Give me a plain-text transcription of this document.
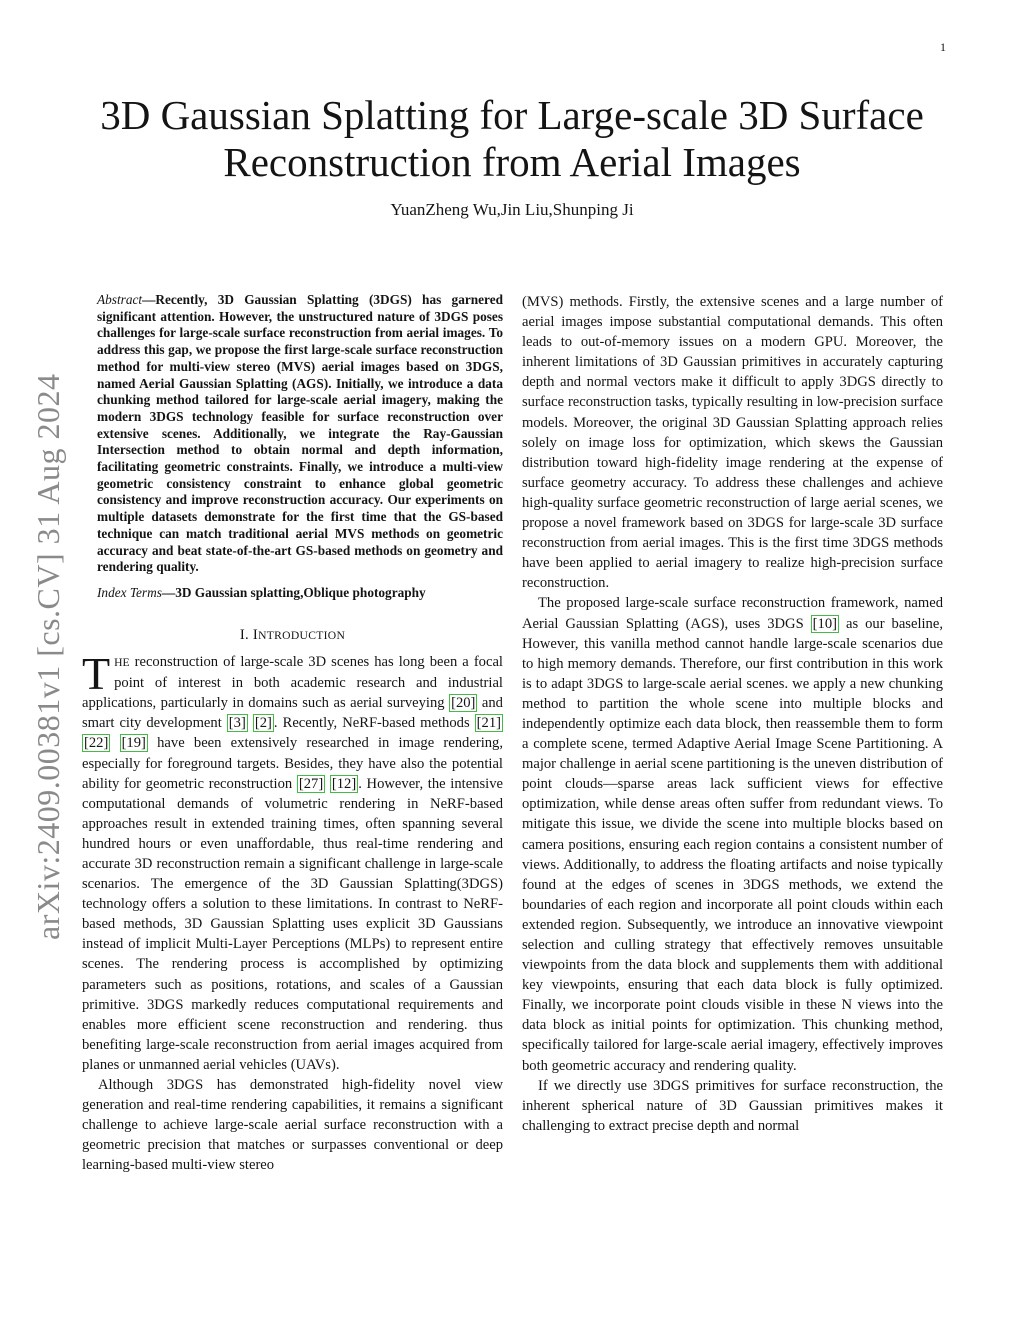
1
arXiv:2409.00381v1 [cs.CV] 31 Aug 2024
3D Gaussian Splatting for Large-scale 3D Surface Reconstruction from Aerial Images
YuanZheng Wu,Jin Liu,Shunping Ji

Abstract—Recently, 3D Gaussian Splatting (3DGS) has garnered significant attention. However, the unstructured nature of 3DGS poses challenges for large-scale surface reconstruction from aerial images. To address this gap, we propose the first large-scale surface reconstruction method for multi-view stereo (MVS) aerial images based on 3DGS, named Aerial Gaussian Splatting (AGS). Initially, we introduce a data chunking method tailored for large-scale aerial imagery, making the modern 3DGS technology feasible for surface reconstruction over extensive scenes. Additionally, we integrate the Ray-Gaussian Intersection method to obtain normal and depth information, facilitating geometric constraints. Finally, we introduce a multi-view geometric consistency constraint to enhance global geometric consistency and improve reconstruction accuracy. Our experiments on multiple datasets demonstrate for the first time that the GS-based technique can match traditional aerial MVS methods on geometric accuracy and beat state-of-the-art GS-based methods on geometry and rendering quality.

Index Terms—3D Gaussian splatting,Oblique photography

I. INTRODUCTION

THE reconstruction of large-scale 3D scenes has long been a focal point of interest in both academic research and industrial applications, particularly in domains such as aerial surveying [20] and smart city development [3] [2] . Recently, NeRF-based methods [21] [22] [19] have been extensively researched in image rendering, especially for foreground targets. Besides, they have also the potential ability for geometric reconstruction [27] [12] . However, the intensive computational demands of volumetric rendering in NeRF-based approaches result in extended training times, often spanning several hundred hours or even unaffordable, thus real-time rendering and accurate 3D reconstruction remain a significant challenge in large-scale scenarios. The emergence of the 3D Gaussian Splatting(3DGS) technology offers a solution to these limitations. In contrast to NeRF-based methods, 3D Gaussian Splatting uses explicit 3D Gaussians instead of implicit Multi-Layer Perceptions (MLPs) to represent entire scenes. The rendering process is accomplished by optimizing parameters such as positions, rotations, and scales of a Gaussian primitive. 3DGS markedly reduces computational requirements and enables more efficient scene reconstruction and rendering. thus benefiting large-scale reconstruction from aerial images acquired from planes or unmanned aerial vehicles (UAVs).

Although 3DGS has demonstrated high-fidelity novel view generation and real-time rendering capabilities, it remains a significant challenge to achieve large-scale aerial surface reconstruction with a geometric precision that matches or surpasses conventional or deep learning-based multi-view stereo

(MVS) methods. Firstly, the extensive scenes and a large number of aerial images impose substantial computational demands. This often leads to out-of-memory issues on a modern GPU. Moreover, the inherent limitations of 3D Gaussian primitives in accurately capturing depth and normal vectors make it difficult to apply 3DGS directly to surface reconstruction tasks, typically resulting in low-precision surface models. Moreover, the original 3D Gaussian Splatting approach relies solely on image loss for optimization, which skews the Gaussian distribution toward high-fidelity image rendering at the expense of surface geometry accuracy. To address these challenges and achieve high-quality surface geometric reconstruction of large aerial scenes, we propose a novel framework based on 3DGS for large-scale 3D surface reconstruction from aerial images. This is the first time 3DGS methods have been applied to aerial imagery to realize high-precision surface reconstruction.

The proposed large-scale surface reconstruction framework, named Aerial Gaussian Splatting (AGS), uses 3DGS [10] as our baseline, However, this vanilla method cannot handle large-scale scenarios due to high memory demands. Therefore, our first contribution in this work is to adapt 3DGS to large-scale aerial scenes. we apply a new chunking method to partition the whole scene into multiple blocks and independently optimize each data block, then reassemble them to form a complete scene, termed Adaptive Aerial Image Scene Partitioning. A major challenge in aerial scene partitioning is the uneven distribution of point clouds—sparse areas lack sufficient views for effective optimization, while dense areas often suffer from redundant views. To mitigate this issue, we divide the scene into multiple blocks based on camera positions, ensuring each region contains a consistent number of views. Additionally, to address the floating artifacts and noise typically found at the edges of scenes in 3DGS methods, we extend the boundaries of each region and incorporate all point clouds within each extended region. Subsequently, we introduce an innovative viewpoint selection and culling strategy that effectively removes unsuitable viewpoints from the data block and supplements them with additional key viewpoints, ensuring that each data block is fully optimized. Finally, we incorporate point clouds visible in these N views into the data block as initial points for optimization. This chunking method, specifically tailored for large-scale aerial imagery, effectively improves both geometric accuracy and rendering quality.

If we directly use 3DGS primitives for surface reconstruction, the inherent spherical nature of 3D Gaussian primitives makes it challenging to extract precise depth and normal
